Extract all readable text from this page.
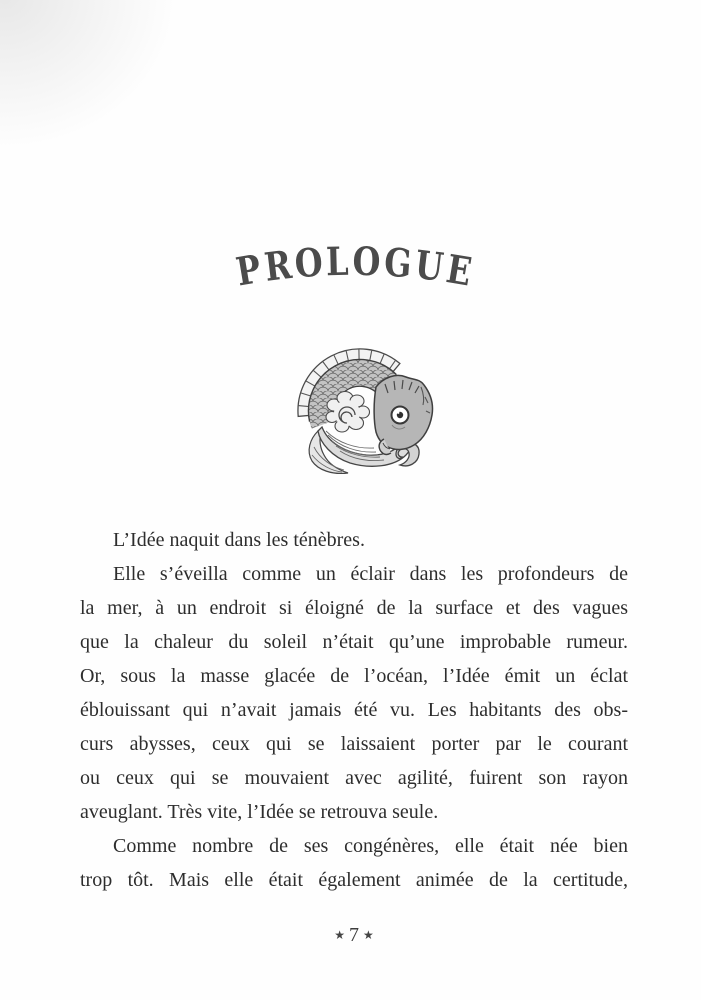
PROLOGUE
L’Idée naquit dans les ténèbres.
Elle s’éveilla comme un éclair dans les profondeurs de
la mer, à un endroit si éloigné de la surface et des vagues
que la chaleur du soleil n’était qu’une improbable rumeur.
Or, sous la masse glacée de l’océan, l’Idée émit un éclat
éblouissant qui n’avait jamais été vu. Les habitants des obs-
curs abysses, ceux qui se laissaient porter par le courant
ou ceux qui se mouvaient avec agilité, fuirent son rayon
aveuglant. Très vite, l’Idée se retrouva seule.
Comme nombre de ses congénères, elle était née bien
trop tôt. Mais elle était également animée de la certitude,
★ 7 ★
